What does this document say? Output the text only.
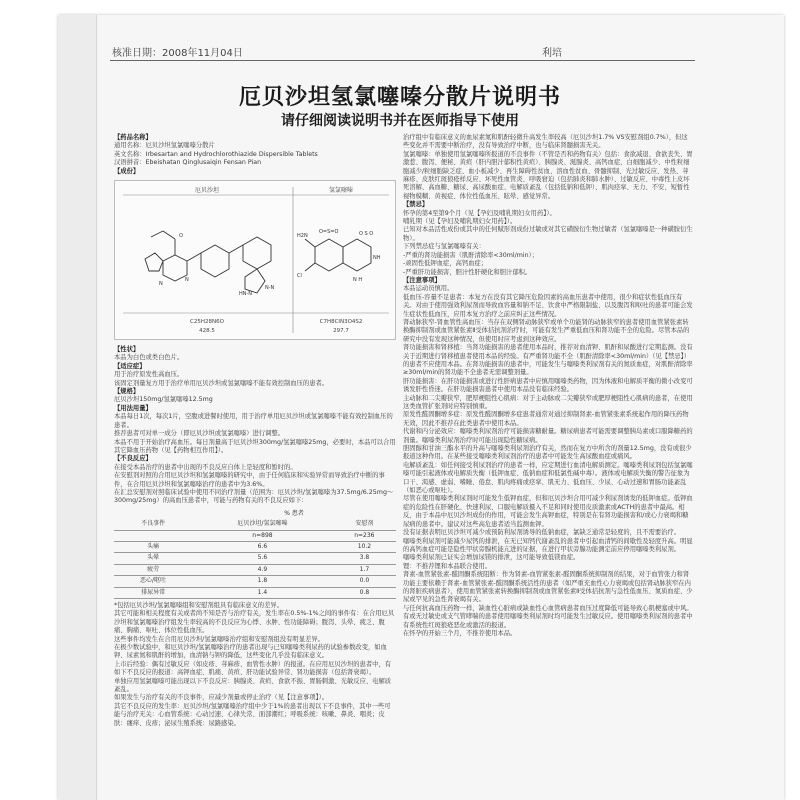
核准日期：2008年11月04日	利培
厄贝沙坦氢氯噻嗪分散片说明书
请仔细阅读说明书并在医师指导下使用

【药品名称】

通用名称：厄贝沙坦氢氯噻嗪分散片

英文名称：Irbesartan and Hydrochlorothiazide Dispersible Tablets

汉语拼音：Ebeishatan Qinglusaiqin Fensan Pian

【成份】

厄贝沙坦	氢氯噻嗪
N
N
O
N-N
HN-N
H2N
Cl
O=S=O	O S O
NH
N H
C25H28N6O	C7H8ClN3O4S2
428.5	297.7

【性状】

本品为白色或类白色片。

【适应症】

用于治疗原发性高血压。

该固定剂量复方用于治疗单用厄贝沙坦或氢氯噻嗪不能有效控制血压的患者。

【规格】

厄贝沙坦150mg/氢氯噻嗪12.5mg

【用法用量】

本品每日1次，每次1片，空腹或进餐时使用，用于治疗单用厄贝沙坦或氢氯噻嗪不能有效控制血压的患者。

推荐患者可对单一成分（即厄贝沙坦或氢氯噻嗪）进行调整。

本品不用于开始治疗高血压。每日剂量高于厄贝沙坦300mg/氢氯噻嗪25mg，必要时，本品可以合用其它降血压药物（见【药物相互作用】）。

【不良反应】

在接受本品治疗的患者中出现的不良反应自体上是轻度和暂时的。

在安慰剂对照的合用厄贝沙坦和氢氯噻嗪的研究中，由于任何临床和实验异常而导致治疗中断的事件，在合用厄贝沙坦和氢氯噻嗪治疗的患者中为3.6%。

在汇总安慰剂对照临床试验中使用不同治疗剂量（范围为：厄贝沙坦/氢氯噻嗪为37.5mg/6.25mg～300mg/25mg）的高血压患者中，可能与药物有关的不良反应如下：

	% 患者	
不良事件	厄贝沙坦/氢氯噻嗪	安慰剂
	n=898	n=236
头痛	6.6	10.2
头晕	5.6	3.8
疲劳	4.9	1.7
恶心/呕吐	1.8	0.0
排尿异常	1.4	0.8

*包括厄贝沙坦/氢氯噻嗪组和安慰剂组具有临床意义的差异。

其它可能和相关程度有关或者尚不知是否与治疗有关，发生率在0.5%-1%之间的事件有：在合用厄贝沙坦和氢氯噻嗪治疗组发生率较高的不良反应为心悸、水肿、性功能障碍；腹泻、头晕、疲乏、腹痛、胸痛、呕吐、体位性低血压。

这些事件均发生在合用厄贝沙坦/氢氯噻嗪治疗组和安慰剂组没有明显差异。

在极少数试验中，和厄贝沙坦/氢氯噻嗪治疗的患者出现与已知噻嗪类利尿药的试验参数改变，如血钾、尿素氮和肌酐的增加，血清钠与钾的降低，这些变化几乎没有临床意义。

上市后经验：偶有过敏反应（如皮疹、荨麻疹、血管性水肿）的报道。在应用厄贝沙坦的患者中，有如下不良反应的报道：高钾血症、肌痛、黄疸、肝功能试验异常、肾功能损害（包括肾衰竭）。

单独应用氢氯噻嗪可能出现以下不良反应：胰腺炎、黄疸、食欲不振、胃肠刺激、光敏反应、电解质紊乱。

如果发生与治疗有关的不良事件，应减少剂量或停止治疗（见【注意事项】）。

其它不良反应的发生率：厄贝沙坦/氢氯噻嗪治疗组中少于1%的患者出现以下不良事件，其中一些可能与治疗无关：心血管系统：心动过速、心律失常、面部潮红；呼吸系统：咳嗽、鼻炎、咽炎；皮肤：瘙痒、皮疹；泌尿生殖系统：尿路感染。

治疗组中有临床意义的血尿素氮和肌酐轻微升高发生率较高（厄贝沙坦1.7% VS安慰剂组0.7%），但这些变化并不需要中断治疗，没有导致治疗中断，也与临床肾髓损害无关。

氢氯噻嗪：单独使用氢氯噻嗪所报道的不良事件（不管是否和药物有关）包括：食欲减退、食欲丧失、胃激惹、腹泻、便秘、黄疸（肝内胆汁郁积性黄疸）、胰腺炎、涎腺炎、高钙血症、白细胞减少、中性粒细胞减少/粒细胞缺乏症、血小板减少、再生障碍性贫血、溶血性贫血、骨髓抑制、光过敏反应、发热、荨麻疹、皮肤红斑狼疮样反应、坏死性血管炎、呼吸窘迫（包括肺炎和肺水肿）、过敏反应、中毒性上皮坏死溶解、高血糖、糖尿、高尿酸血症、电解质紊乱（包括低钠和低钾）、肌肉痉挛、无力、不安、短暂性视物模糊、黄视症、体位性低血压、眩晕、感觉异常。

【禁忌】

怀孕的第4至第9个月（见【孕妇及哺乳期妇女用药】）。

哺乳期（见【孕妇及哺乳期妇女用药】）。

已知对本品活性成份或其中的任何赋形剂成份过敏或对其它磺胺衍生物过敏者（氢氯噻嗪是一种磺胺衍生物）。

下列禁忌症与氢氯噻嗪有关：

-严重的肾功能损害（肌酐清除率<30ml/min）；

-顽固性低钾血症，高钙血症；

-严重肝功能损害，胆汁性肝硬化和胆汁郁积。

【注意事项】

本品运动员慎用。

低血压-容量不足患者：本复方在没有其它降压危险因素的高血压患者中使用，很少和症状性低血压有关。对由于使用强效利尿剂而导致血容量和钠不足、饮食中严格限制盐、以及腹泻和呕吐的患者可能会发生症状性低血压，应用本复方治疗之前应纠正这些情况。

肾动脉狭窄-肾血管性高血压：当存在双侧肾动脉狭窄或单个功能肾的动脉狭窄的患者使用血管紧张素转换酶抑制剂或血管紧张素Ⅱ受体拮抗剂治疗时，可能有发生严重低血压和肾功能不全的危险。尽管本品的研究中没有发现这种情况，但使用时应考虑到这种效应。

肾功能损害和肾移植：当肾功能损害的患者使用本品时，推荐对血清钾、肌酐和尿酸进行定期监测。没有关于近期进行肾移植患者使用本品的经验。有严重肾功能不全（肌酐清除率<30ml/min）（见【禁忌】）的患者不应使用本品。在肾功能损害的患者中，可能发生与噻嗪类利尿剂有关的氮质血症，对肌酐清除率≥30ml/min的肾功能不全患者无需调整剂量。

肝功能损害：在肝功能损害或进行性肝病患者中应慎用噻嗪类药物，因为体液和电解质平衡的微小改变可诱发肝性昏迷。在肝功能损害患者中使用本品没有临床经验。

主动脉和二尖瓣狭窄，肥厚梗阻性心肌病：对于主动脉或二尖瓣狭窄或肥厚梗阻性心肌病的患者，在使用这类血管扩张剂时应特别慎重。

原发性醛固酮增多症：原发性醛固酮增多症患者通常对通过抑制肾素-血管紧张素系统起作用的降压药物无效，因此不推荐在此类患者中使用本品。

代谢和内分泌效应：噻嗪类利尿剂治疗可能损害糖耐量。糖尿病患者可能需要调整胰岛素或口服降糖药的剂量。噻嗪类利尿剂治疗时可能出现隐性糖尿病。

胆固醇和甘油三酯水平的升高与噻嗪类利尿剂治疗有关，然而在复方中所含的剂量12.5mg，没有或很少报道这种作用。在某些接受噻嗪类利尿剂治疗的患者中可能发生高尿酸血症或痛风。

电解质紊乱：如任何接受利尿剂治疗的患者一样，应定期进行血清电解质测定。噻嗪类利尿剂包括氢氯噻嗪可能引起液体或电解质失衡（低钾血症、低钠血症和低氯性碱中毒）。液体或电解质失衡的警告征象为口干、渴感、虚弱、嗜睡、倦怠、肌肉疼痛或痉挛、肌无力、低血压、少尿、心动过速和胃肠功能紊乱（如恶心或呕吐）。

尽管在使用噻嗪类利尿剂时可能发生低钾血症，但和厄贝沙坦合用可减少利尿剂诱发的低钾血症。低钾血症的危险性在肝硬化、快速利尿、口服电解质摄入不足和同时使用皮质激素或ACTH的患者中最高。相反，由于本品中厄贝沙坦成份的作用，可能会发生高钾血症，特别是在有肾功能损害和/或心力衰竭和糖尿病的患者中。建议对这些高危患者适当监测血钾。

没有证据表明厄贝沙坦可减少或预防利尿剂诱导的低钠血症，氯缺乏通常是轻度的，且不需要治疗。

噻嗪类利尿剂可能减少尿钙的排泄，在无已知钙代谢紊乱的患者中引起血清钙的间歇性及轻度升高。明显的高钙血症可能是隐性甲状旁腺机能亢进的证据，在进行甲状旁腺功能测定前应停用噻嗪类利尿剂。

噻嗪类利尿剂已证实会增加尿镁的排泄，这可能导致低镁血症。

锂：不推荐锂和本品联合使用。

肾素-血管紧张素-醛固酮系统阻断：作为肾素-血管紧张素-醛固酮系统抑制剂的结果，对于血管张力和肾功能主要依赖于肾素-血管紧张素-醛固酮系统活性的患者（如严重充血性心力衰竭或包括肾动脉狭窄在内的肾脏疾病患者），使用血管紧张素转换酶抑制剂或血管紧张素Ⅱ受体拮抗剂与急性低血压、氮质血症、少尿或罕见的急性肾衰竭有关。

与任何抗高血压药物一样，缺血性心脏病或缺血性心血管病患者血压过度降低可能导致心肌梗塞或中风。

有或无过敏史或支气管哮喘的患者使用噻嗪类利尿剂时均可能发生过敏反应。使用噻嗪类利尿剂的患者中有系统性红斑狼疮恶化或激活的报道。

在怀孕的开始三个月，不推荐使用本品。
